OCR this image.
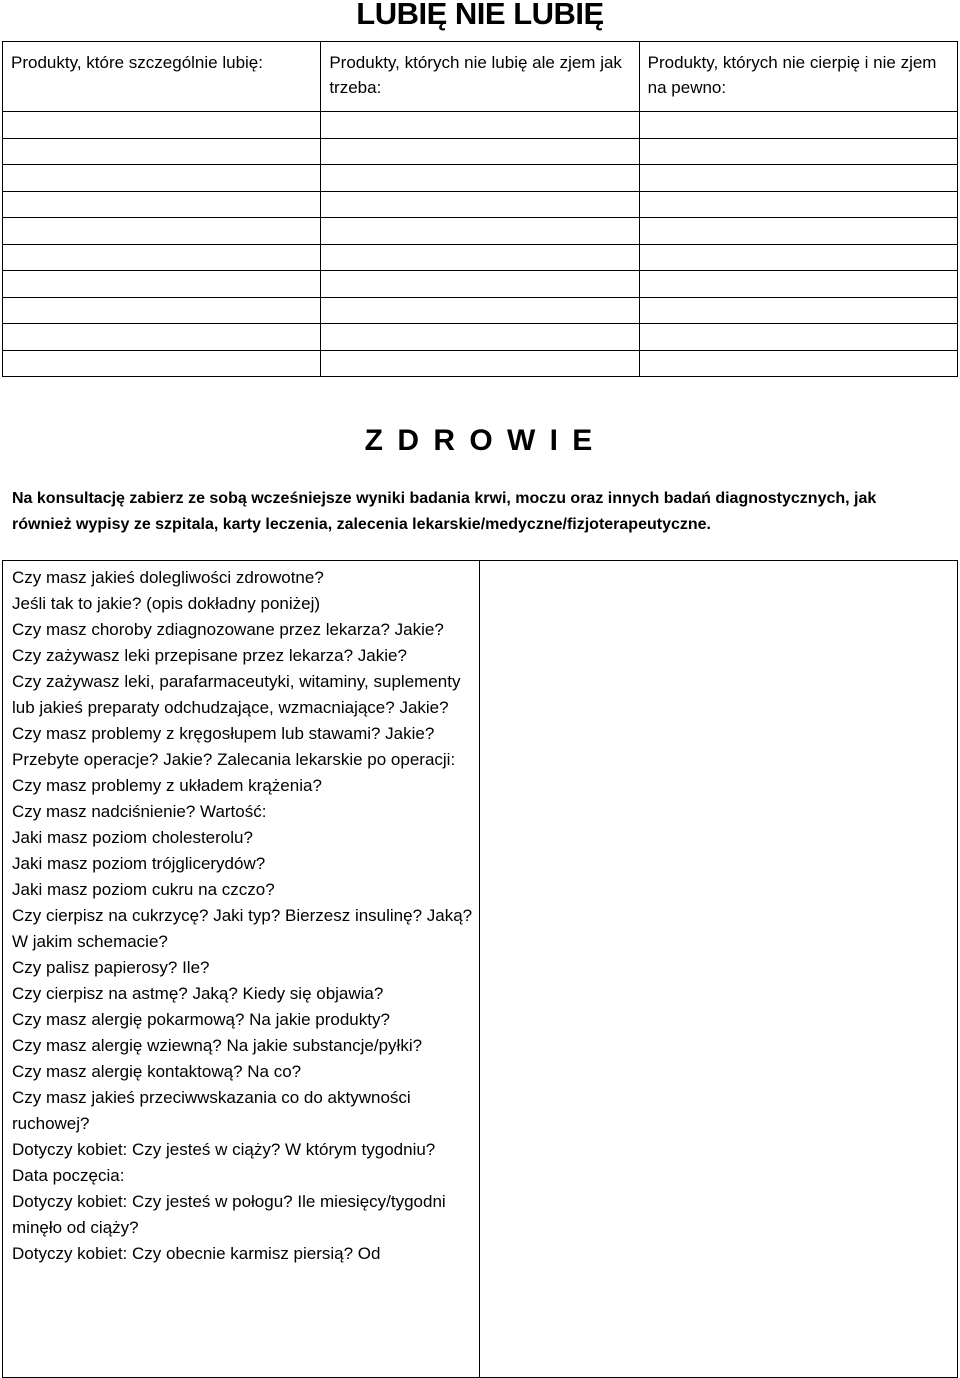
LUBIĘ NIE LUBIĘ
Produkty, które szczególnie lubię:	Produkty, których nie lubię ale zjem jak trzeba:	Produkty, których nie cierpię i nie zjem na pewno:

Z D R O W I E
Na konsultację zabierz ze sobą wcześniejsze wyniki badania krwi, moczu oraz innych badań diagnostycznych, jak również wypisy ze szpitala, karty leczenia, zalecenia lekarskie/medyczne/fizjoterapeutyczne.

Czy masz jakieś dolegliwości zdrowotne?

Jeśli tak to jakie? (opis dokładny poniżej)

Czy masz choroby zdiagnozowane przez lekarza? Jakie?

Czy zażywasz leki przepisane przez lekarza? Jakie?

Czy zażywasz leki, parafarmaceutyki, witaminy, suplementy lub jakieś preparaty odchudzające, wzmacniające? Jakie?

Czy masz problemy z kręgosłupem lub stawami? Jakie?

Przebyte operacje? Jakie? Zalecania lekarskie po operacji:

Czy masz problemy z układem krążenia?

Czy masz nadciśnienie? Wartość:

Jaki masz poziom cholesterolu?

Jaki masz poziom trójglicerydów?

Jaki masz poziom cukru na czczo?

Czy cierpisz na cukrzycę? Jaki typ? Bierzesz insulinę? Jaką? W jakim schemacie?

Czy palisz papierosy? Ile?

Czy cierpisz na astmę? Jaką? Kiedy się objawia?

Czy masz alergię pokarmową? Na jakie produkty?

Czy masz alergię wziewną? Na jakie substancje/pyłki?

Czy masz alergię kontaktową? Na co?

Czy masz jakieś przeciwwskazania co do aktywności ruchowej?

Dotyczy kobiet: Czy jesteś w ciąży? W którym tygodniu? Data poczęcia:

Dotyczy kobiet: Czy jesteś w połogu? Ile miesięcy/tygodni minęło od ciąży?

Dotyczy kobiet: Czy obecnie karmisz piersią? Od
